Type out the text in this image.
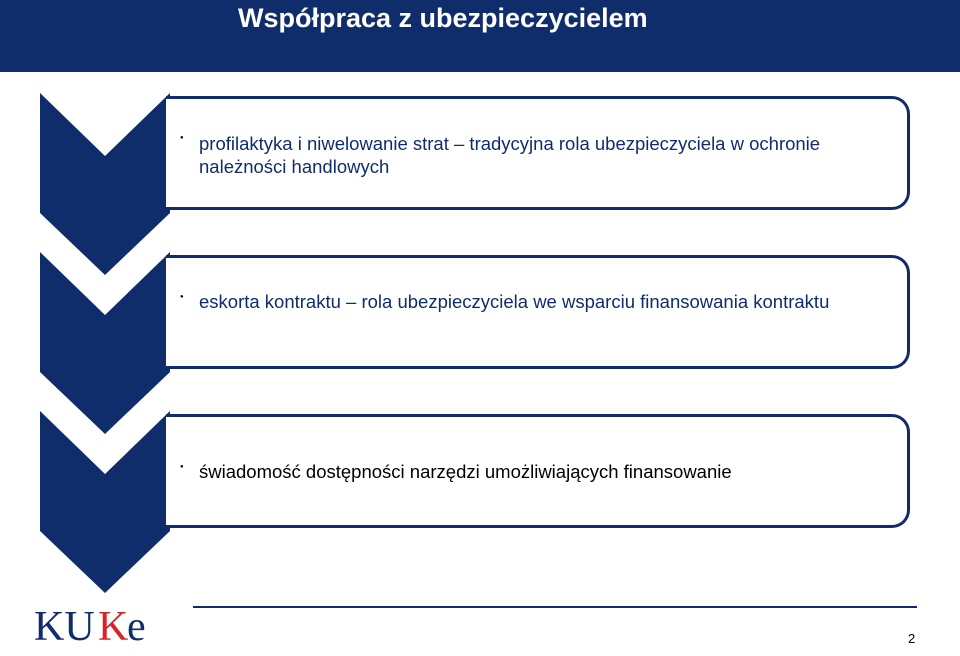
Współpraca z ubezpieczycielem
● profilaktyka i niwelowanie strat – tradycyjna rola ubezpieczyciela w ochronie należności handlowych
● eskorta kontraktu – rola ubezpieczyciela we wsparciu finansowania kontraktu
● świadomość dostępności narzędzi umożliwiających finansowanie
KU K
e	2
